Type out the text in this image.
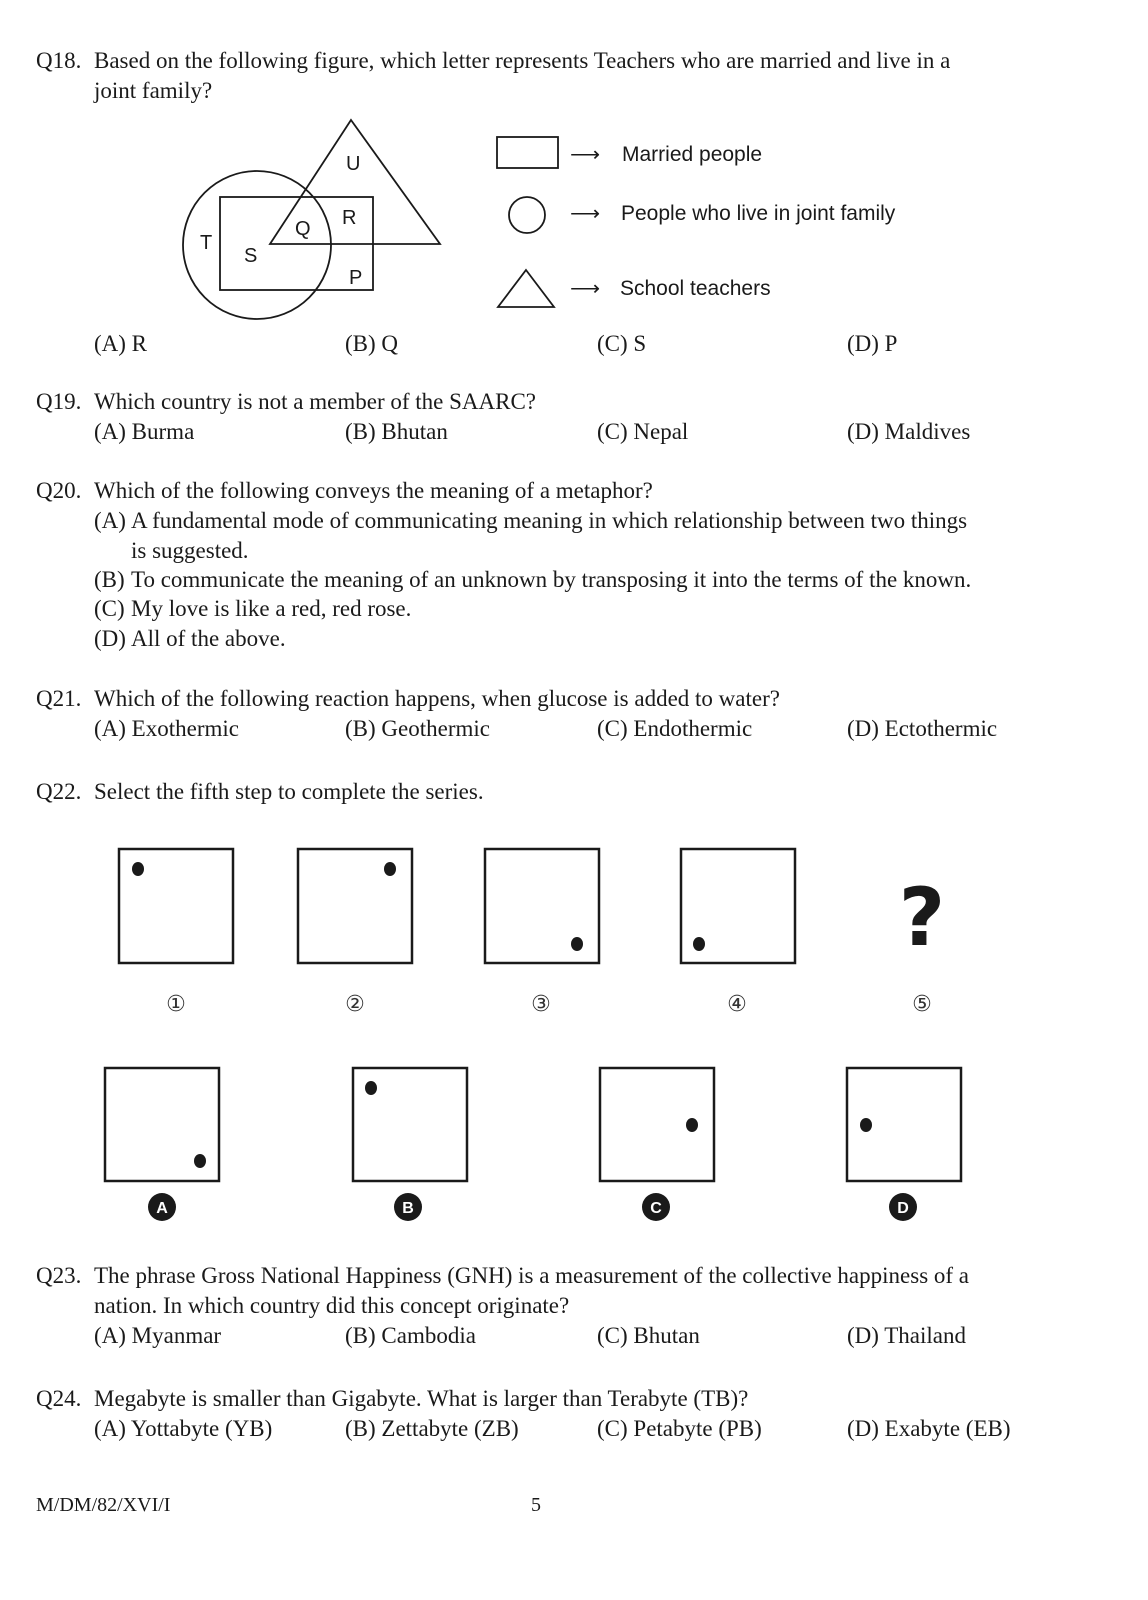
Q18. Based on the following figure, which letter represents Teachers who are married and live in a
joint family?
U
R
Q
T
S
P
A	B	C	D
①	②	③	④	⑤
?
⟶ Married people
⟶ People who live in joint family
⟶ School teachers
(A) R	(B) Q	(C) S	(D) P
Q19. Which country is not a member of the SAARC?
(A) Burma	(B) Bhutan	(C) Nepal	(D) Maldives
Q20. Which of the following conveys the meaning of a metaphor?
(A) A fundamental mode of communicating meaning in which relationship between two things
is suggested.
(B) To communicate the meaning of an unknown by transposing it into the terms of the known.
(C) My love is like a red, red rose.
(D) All of the above.
Q21. Which of the following reaction happens, when glucose is added to water?
(A) Exothermic	(B) Geothermic	(C) Endothermic	(D) Ectothermic
Q22. Select the fifth step to complete the series.
Q23. The phrase Gross National Happiness (GNH) is a measurement of the collective happiness of a
nation. In which country did this concept originate?
(A) Myanmar	(B) Cambodia	(C) Bhutan	(D) Thailand
Q24. Megabyte is smaller than Gigabyte. What is larger than Terabyte (TB)?
(A) Yottabyte (YB)	(B) Zettabyte (ZB)	(C) Petabyte (PB)	(D) Exabyte (EB)
M/DM/82/XVI/I	5
